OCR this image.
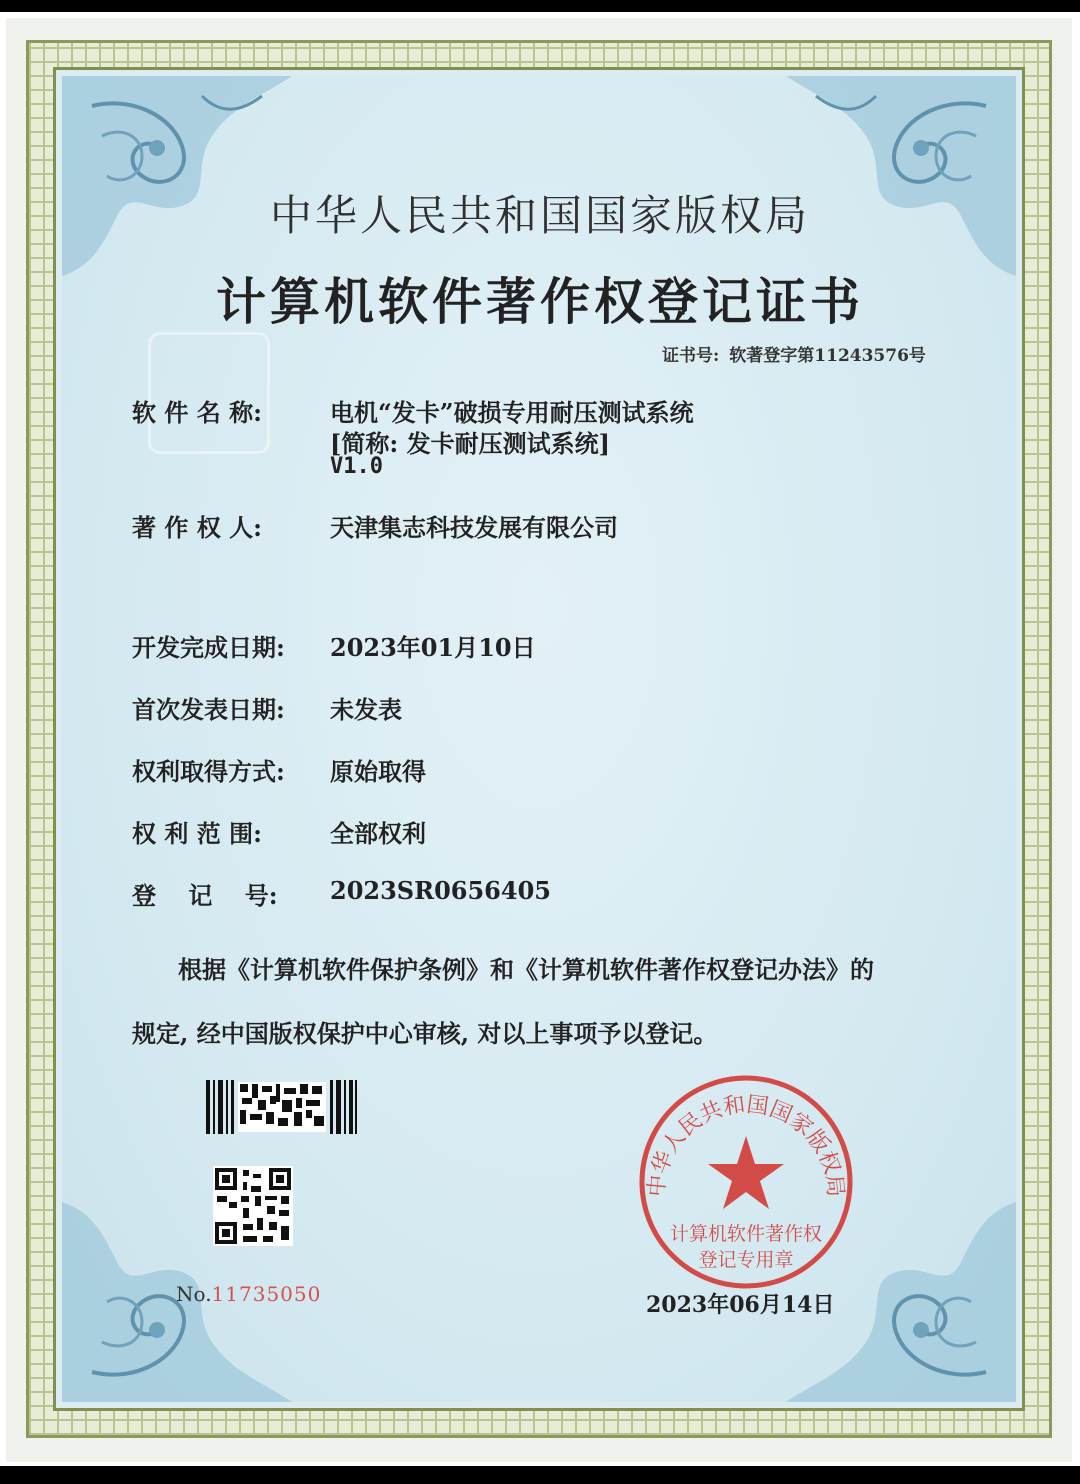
中华人民共和国国家版权局
计算机软件著作权登记证书
证书号: 软著登字第11243576号
软 件 名 称:	电机“发卡”破损专用耐压测试系统
[简称: 发卡耐压测试系统]
V1.0
著 作 权 人:	天津集志科技发展有限公司
开发完成日期:	2023年01月10日
首次发表日期:	未发表
权利取得方式:	原始取得
权 利 范 围:	全部权利
登　 记　 号:	2023SR0656405
根据《计算机软件保护条例》和《计算机软件著作权登记办法》的
规定, 经中国版权保护中心审核, 对以上事项予以登记。
No.11735050
中华人民共和国国家版权局
计算机软件著作权
登记专用章
2023年06月14日
